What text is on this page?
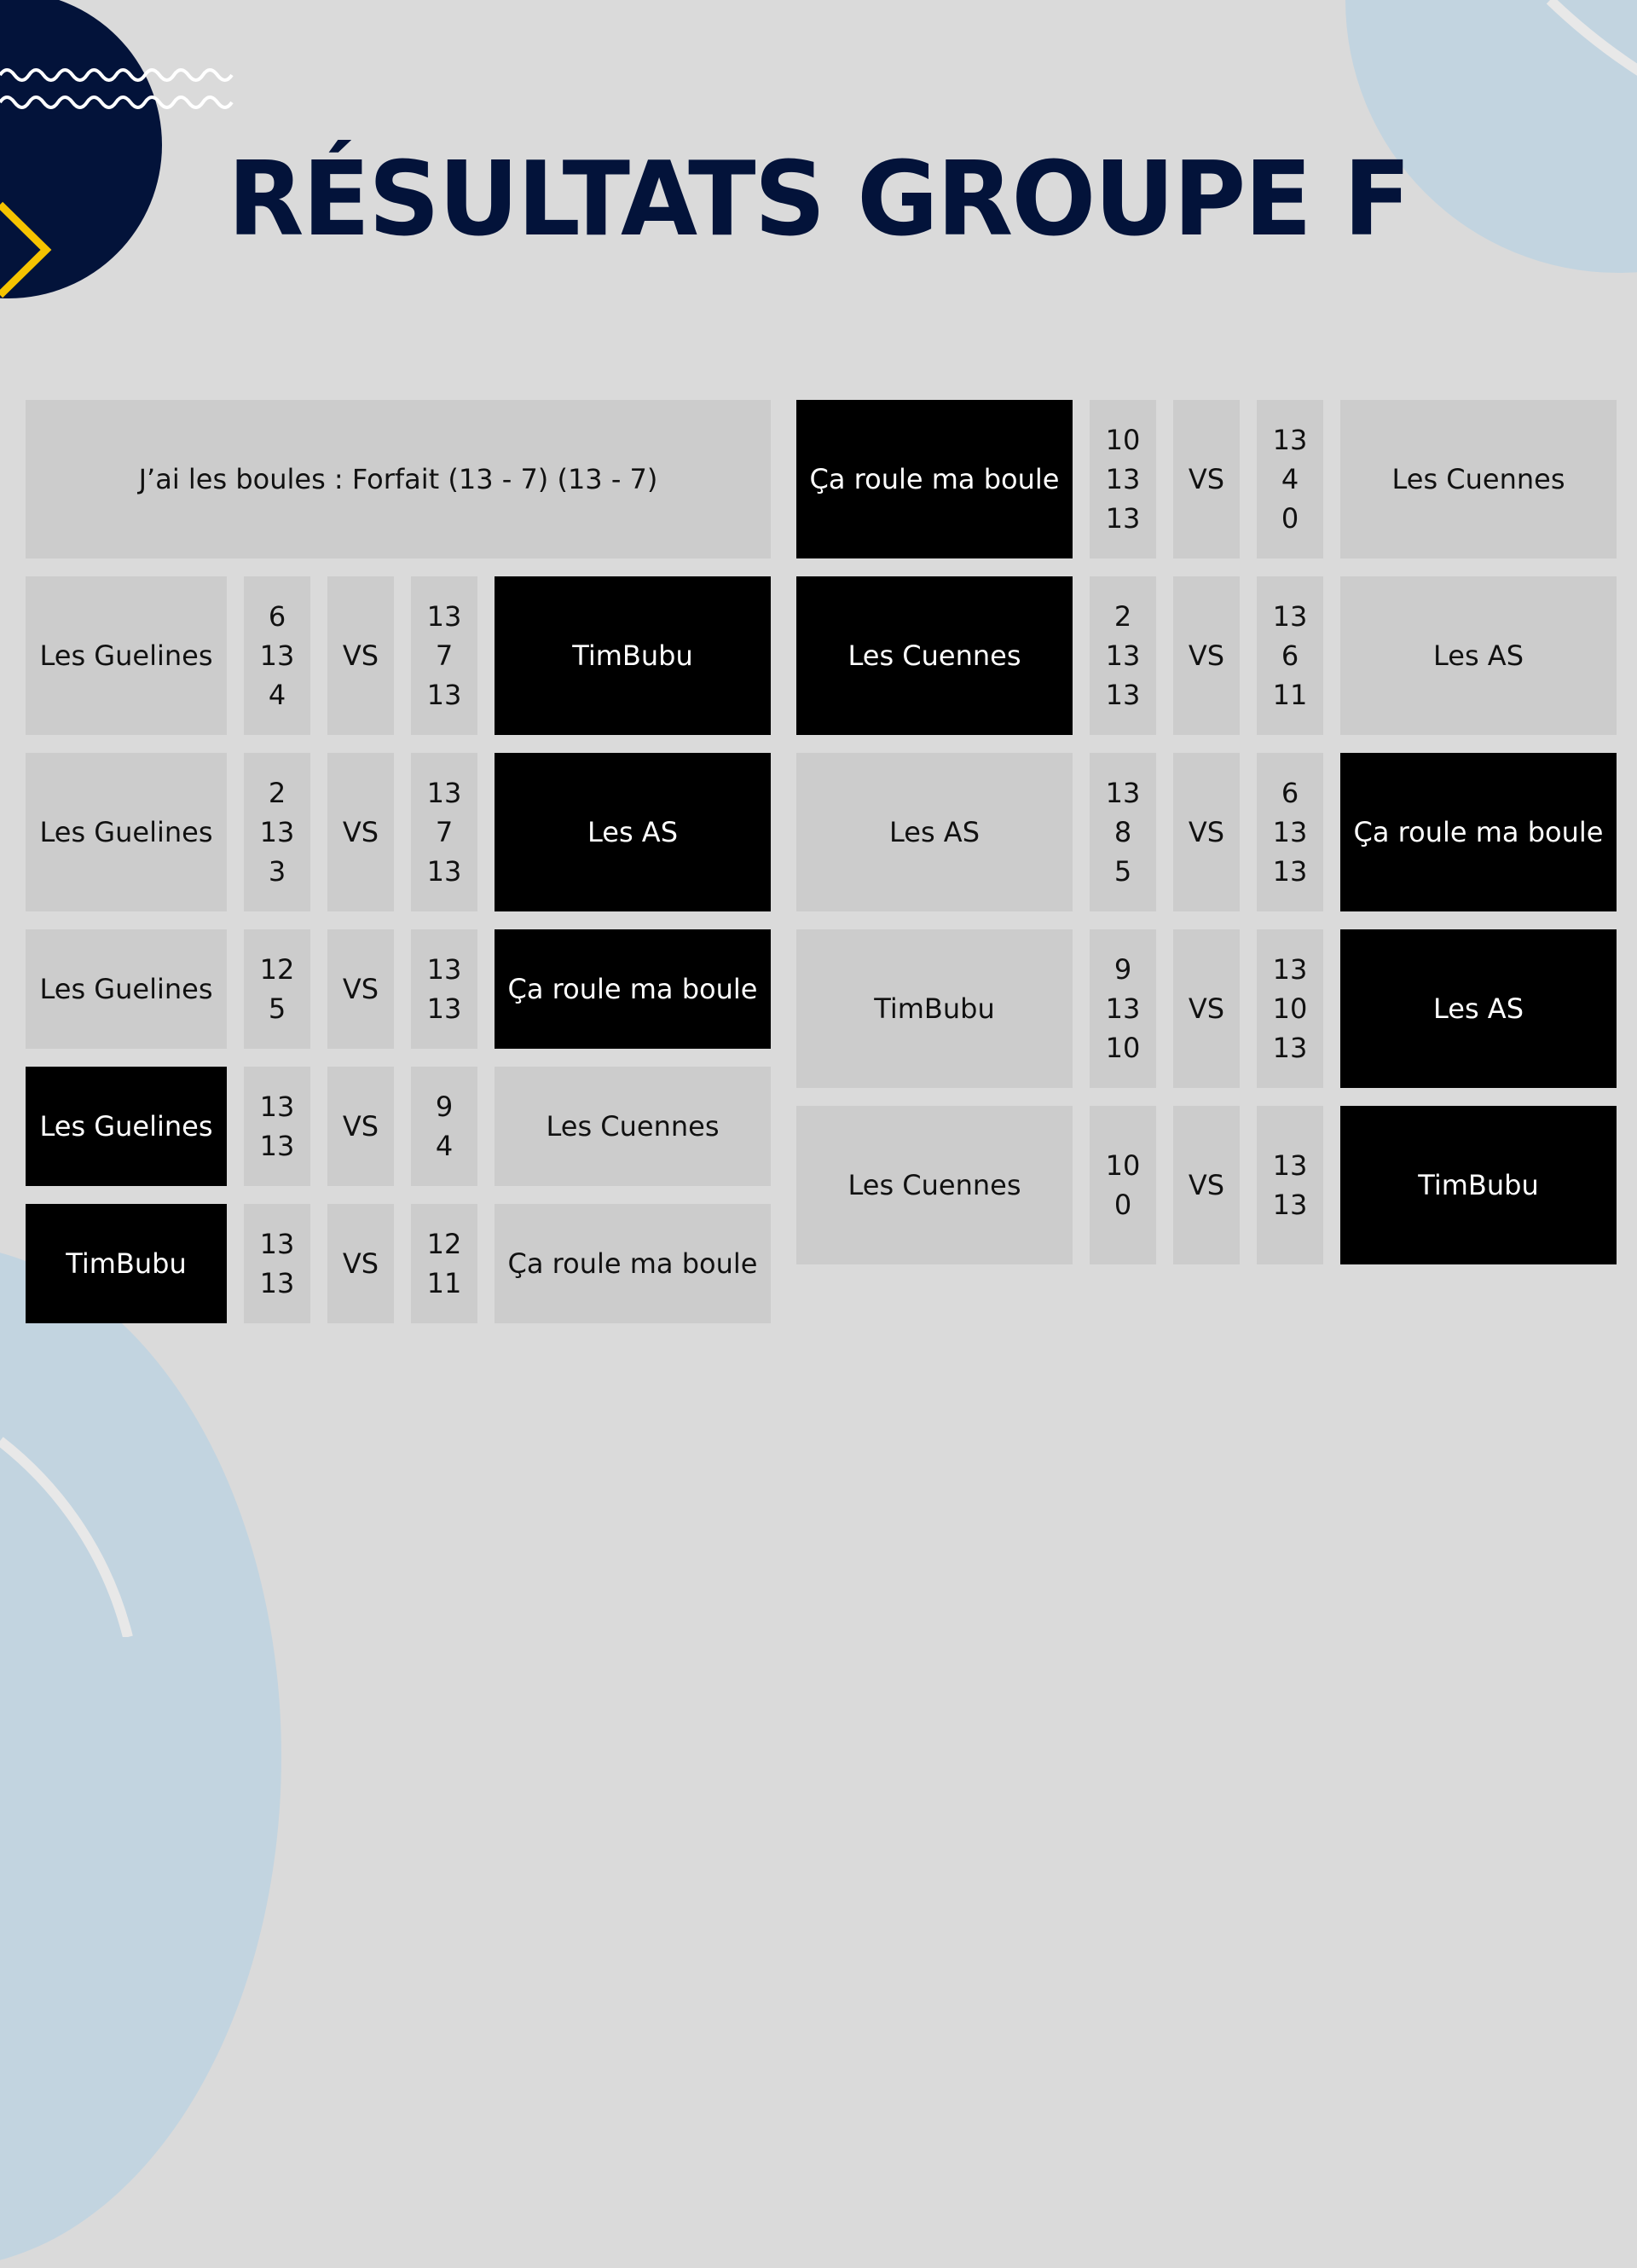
RÉSULTATS GROUPE F
J’ai les boules : Forfait (13 - 7) (13 - 7)
Les Guelines
6
13
4
VS
13
7
13
TimBubu
Les Guelines
2
13
3
VS
13
7
13
Les AS
Les Guelines
12
5
VS
13
13
Ça roule ma boule
Les Guelines
13
13
VS
9
4
Les Cuennes
TimBubu
13
13
VS
12
11
Ça roule ma boule
Ça roule ma boule
10
13
13
VS
13
4
0
Les Cuennes
Les Cuennes
2
13
13
VS
13
6
11
Les AS
Les AS
13
8
5
VS
6
13
13
Ça roule ma boule
TimBubu
9
13
10
VS
13
10
13
Les AS
Les Cuennes
10
0
VS
13
13
TimBubu
